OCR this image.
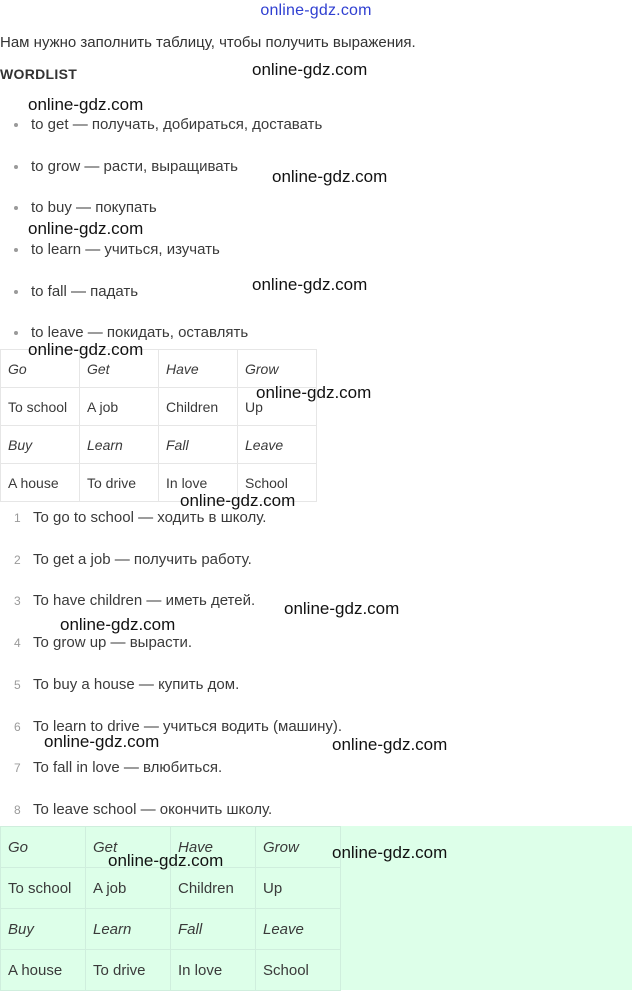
online-gdz.com
Нам нужно заполнить таблицу, чтобы получить выражения.
WORDLIST
to get — получать, добираться, доставать
to grow — расти, выращивать
to buy — покупать
to learn — учиться, изучать
to fall — падать
to leave — покидать, оставлять
Go	Get	Have	Grow
To school	A job	Children	Up
Buy	Learn	Fall	Leave
A house	To drive	In love	School
1 To go to school — ходить в школу.
2 To get a job — получить работу.
3 To have children — иметь детей.
4 To grow up — вырасти.
5 To buy a house — купить дом.
6 To learn to drive — учиться водить (машину).
7 To fall in love — влюбиться.
8 To leave school — окончить школу.
Go	Get	Have	Grow
To school	A job	Children	Up
Buy	Learn	Fall	Leave
A house	To drive	In love	School
online-gdz.com
online-gdz.com
online-gdz.com
online-gdz.com
online-gdz.com
online-gdz.com
online-gdz.com
online-gdz.com
online-gdz.com
online-gdz.com
online-gdz.com	online-gdz.com
online-gdz.com
online-gdz.com
